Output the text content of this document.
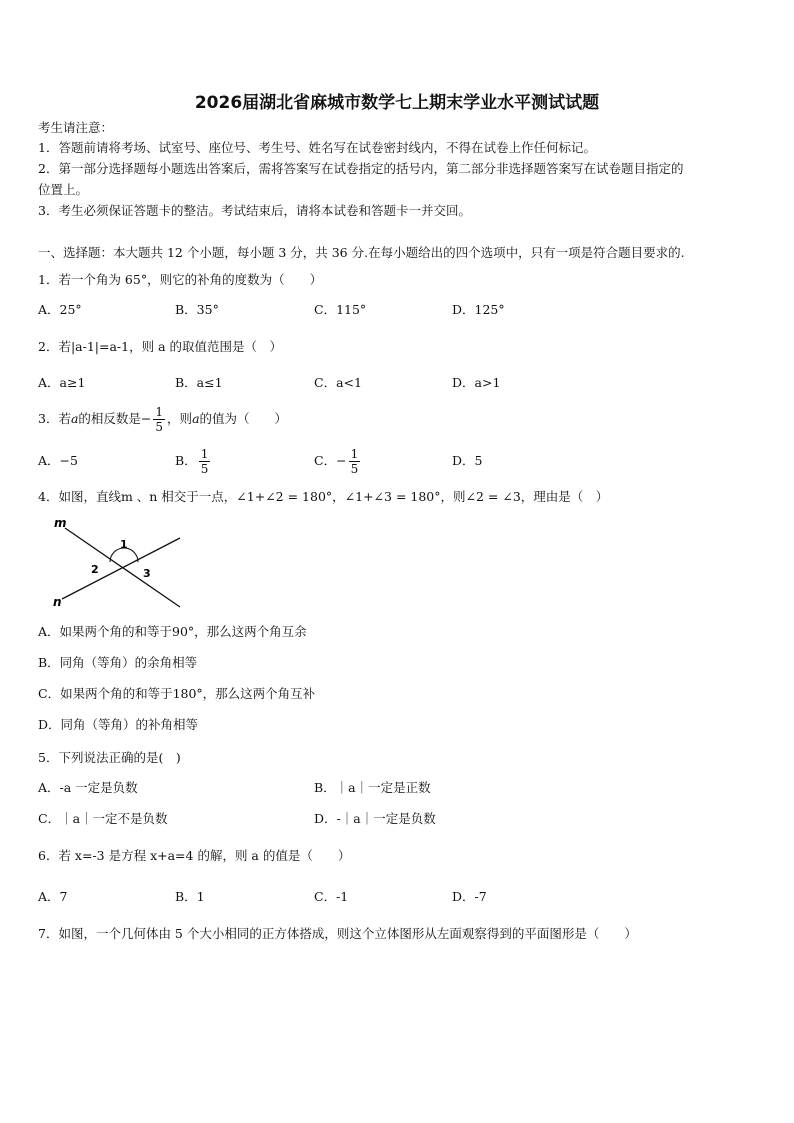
2026届湖北省麻城市数学七上期末学业水平测试试题
考生请注意：
1．答题前请将考场、试室号、座位号、考生号、姓名写在试卷密封线内，不得在试卷上作任何标记。
2．第一部分选择题每小题选出答案后，需将答案写在试卷指定的括号内，第二部分非选择题答案写在试卷题目指定的
位置上。
3．考生必须保证答题卡的整洁。考试结束后，请将本试卷和答题卡一并交回。
一、选择题：本大题共 12 个小题，每小题 3 分，共 36 分.在每小题给出的四个选项中，只有一项是符合题目要求的.
1．若一个角为 65°，则它的补角的度数为（　　）
A．25°	B．35°	C．115°	D．125°
2．若|a-1|=a-1，则 a 的取值范围是（　）
A．a≥1	B．a≤1	C．a<1	D．a>1
3．若a的相反数是− $\frac{1}{5}$ ，则a的值为（　　）
A．−5	B． $\frac{1}{5}$	C．− $\frac{1}{5}$	D．5
4．如图，直线m 、n 相交于一点，∠1+∠2 = 180°，∠1+∠3 = 180°，则∠2 = ∠3，理由是（　）
m
n
1
2	3
A．如果两个角的和等于90°，那么这两个角互余
B．同角（等角）的余角相等
C．如果两个角的和等于180°，那么这两个角互补
D．同角（等角）的补角相等
5．下列说法正确的是(　)
A．-a 一定是负数	B．｜a｜一定是正数
C．｜a｜一定不是负数	D．-｜a｜一定是负数
6．若 x=-3 是方程 x+a=4 的解，则 a 的值是（　　）
A．7	B．1	C．-1	D．-7
7．如图，一个几何体由 5 个大小相同的正方体搭成，则这个立体图形从左面观察得到的平面图形是（　　）
